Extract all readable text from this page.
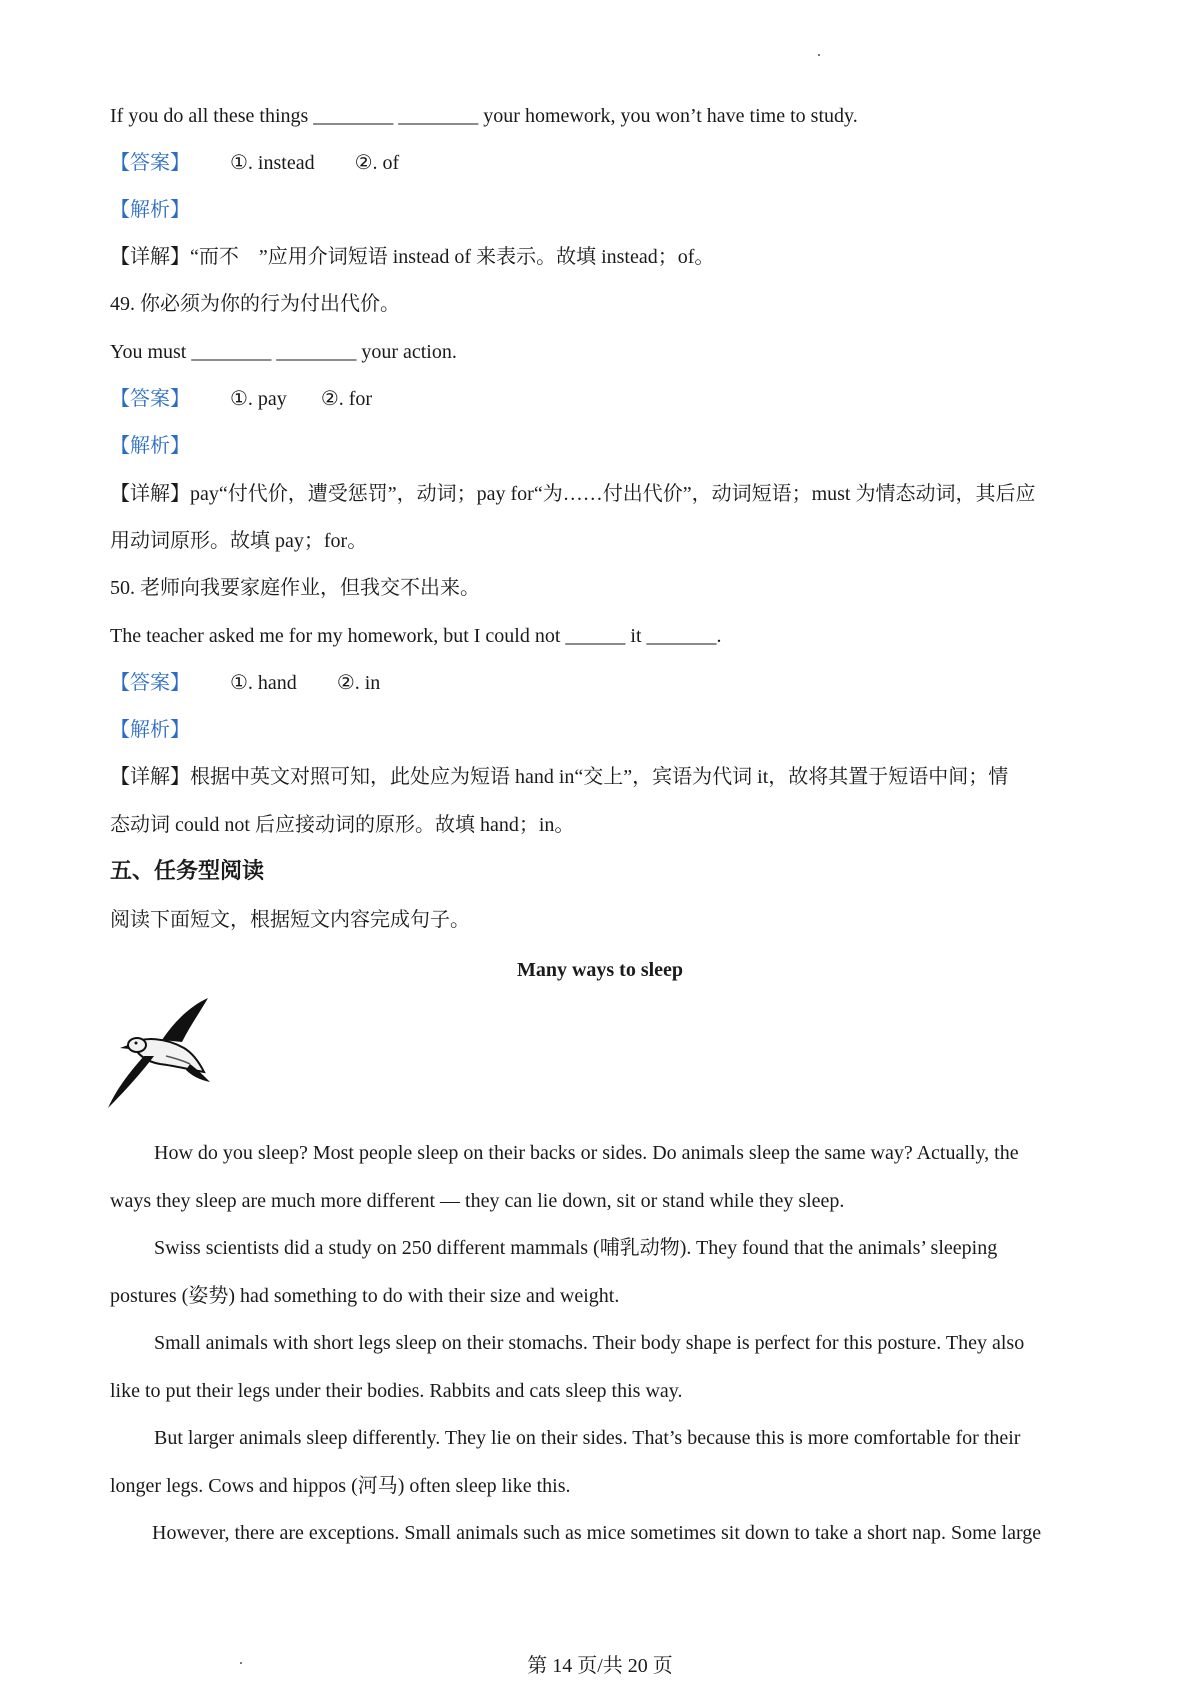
If you do all these things ________ ________ your homework, you won’t have time to study.
【答案】 ①. instead ②. of
【解析】
【详解】“而不　”应用介词短语 instead of 来表示。故填 instead；of。
49. 你必须为你的行为付出代价。
You must ________ ________ your action.
【答案】 ①. pay ②. for
【解析】
【详解】pay“付代价，遭受惩罚”，动词；pay for“为……付出代价”，动词短语；must 为情态动词，其后应
用动词原形。故填 pay；for。
50. 老师向我要家庭作业，但我交不出来。
The teacher asked me for my homework, but I could not ______ it _______.
【答案】 ①. hand ②. in
【解析】
【详解】根据中英文对照可知，此处应为短语 hand in“交上”，宾语为代词 it，故将其置于短语中间；情
态动词 could not 后应接动词的原形。故填 hand；in。
五、任务型阅读
阅读下面短文，根据短文内容完成句子。
Many ways to sleep
How do you sleep? Most people sleep on their backs or sides. Do animals sleep the same way? Actually, the
ways they sleep are much more different — they can lie down, sit or stand while they sleep.
Swiss scientists did a study on 250 different mammals (哺乳动物). They found that the animals’ sleeping
postures (姿势) had something to do with their size and weight.
Small animals with short legs sleep on their stomachs. Their body shape is perfect for this posture. They also
like to put their legs under their bodies. Rabbits and cats sleep this way.
But larger animals sleep differently. They lie on their sides. That’s because this is more comfortable for their
longer legs. Cows and hippos (河马) often sleep like this.
However, there are exceptions. Small animals such as mice sometimes sit down to take a short nap. Some large
第 14 页/共 20 页
